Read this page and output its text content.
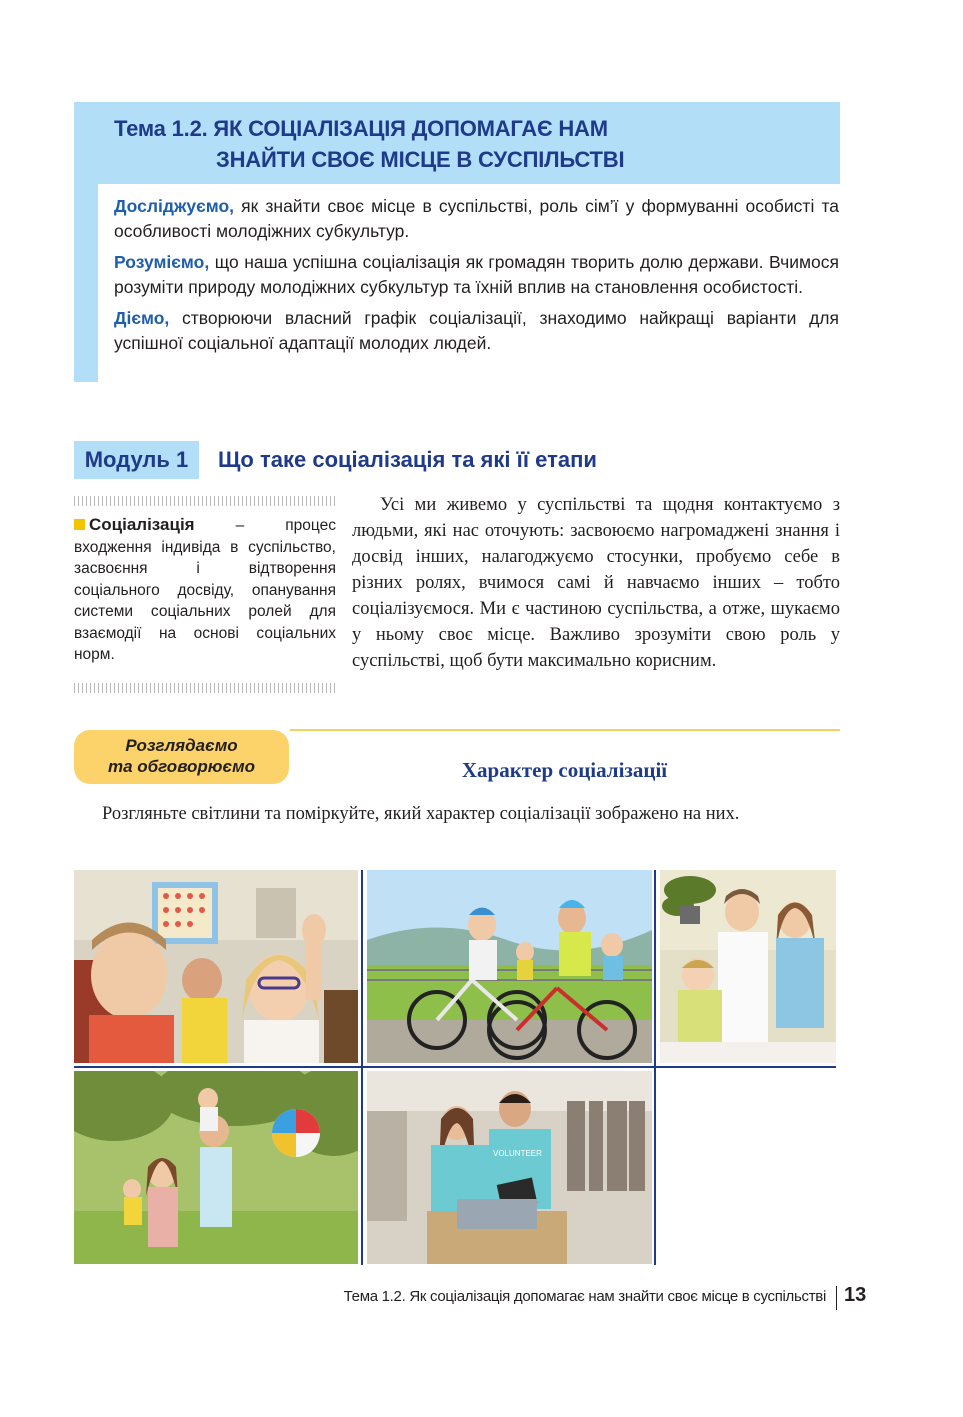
Тема 1.2. ЯК СОЦІАЛІЗАЦІЯ ДОПОМАГАЄ НАМ
ЗНАЙТИ СВОЄ МІСЦЕ В СУСПІЛЬСТВІ

Досліджуємо, як знайти своє місце в суспільстві, роль сім’ї у формуванні особисті та особливості молодіжних субкультур.

Розуміємо, що наша успішна соціалізація як громадян творить долю держави. Вчимося розуміти природу молодіжних субкультур та їхній вплив на становлення особистості.

Діємо, створюючи власний графік соціалізації, знаходимо найкращі варіанти для успішної соціальної адаптації молодих людей.

Модуль 1	Що таке соціалізація та які її етапи
Соціалізація – процес входження індивіда в суспільство, засвоєння і відтворення соціального досвіду, опанування системи соціальних ролей для взаємодії на основі соціальних норм.
Усі ми живемо у суспільстві та щодня контактуємо з людьми, які нас оточують: засвоюємо нагромаджені знання і досвід інших, налагоджуємо стосунки, пробуємо себе в різних ролях, вчимося самі й навчаємо інших – тобто соціалізуємося. Ми є частиною суспільства, а отже, шукаємо у ньому своє місце. Важливо зрозуміти свою роль у суспільстві, щоб бути максимально корисним.
Розглядаємо
та обговорюємо	Характер соціалізації
Розгляньте світлини та поміркуйте, який характер соціалізації зображено на них.
VOLUNTEER
Тема 1.2. Як соціалізація допомагає нам знайти своє місце в суспільстві 13
